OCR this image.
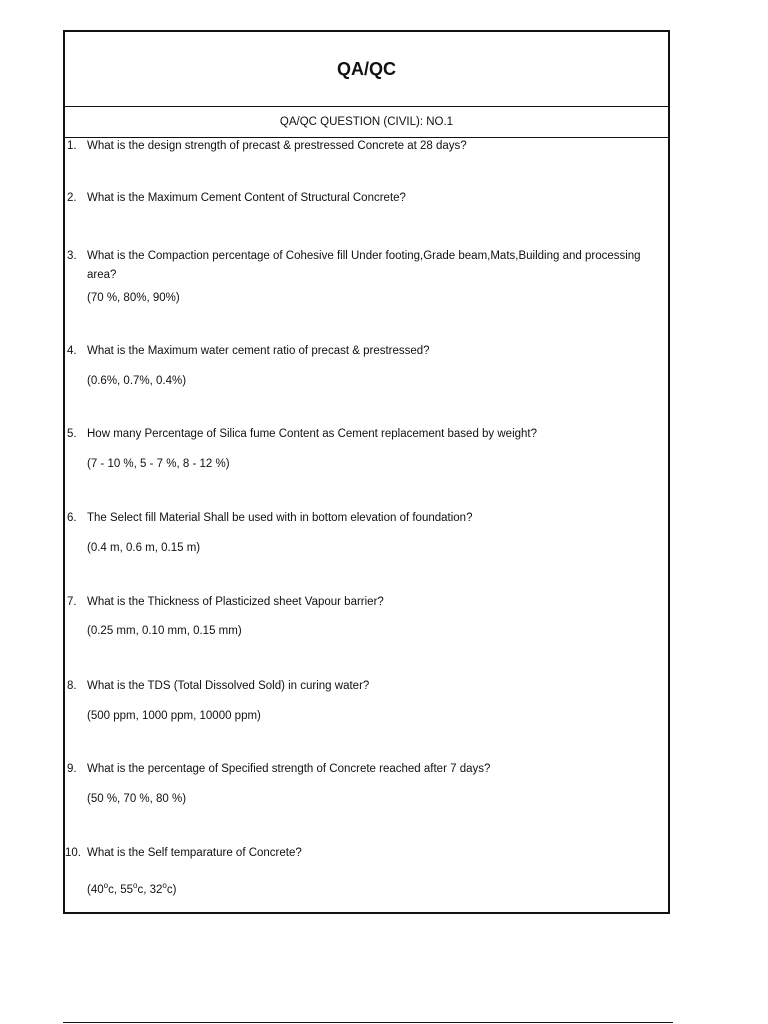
QA/QC
QA/QC QUESTION (CIVIL): NO.1
1. What is the design strength of precast & prestressed Concrete at 28 days?
2. What is the Maximum Cement Content of Structural Concrete?
3. What is the Compaction percentage of Cohesive fill Under footing,Grade beam,Mats,Building and processing area?
(70 %, 80%, 90%)
4. What is the Maximum water cement ratio of precast & prestressed?
(0.6%, 0.7%, 0.4%)
5. How many Percentage of Silica fume Content as Cement replacement based by weight?
(7 - 10 %, 5 - 7 %, 8 - 12 %)
6. The Select fill Material Shall be used with in bottom elevation of foundation?
(0.4 m, 0.6 m, 0.15 m)
7. What is the Thickness of Plasticized sheet Vapour barrier?
(0.25 mm, 0.10 mm, 0.15 mm)
8. What is the TDS (Total Dissolved Sold) in curing water?
(500 ppm, 1000 ppm, 10000 ppm)
9. What is the percentage of Specified strength of Concrete reached after 7 days?
(50 %, 70 %, 80 %)
10. What is the Self temparature of Concrete?
(40$^o$c, 55$^o$c, 32$^o$c)
